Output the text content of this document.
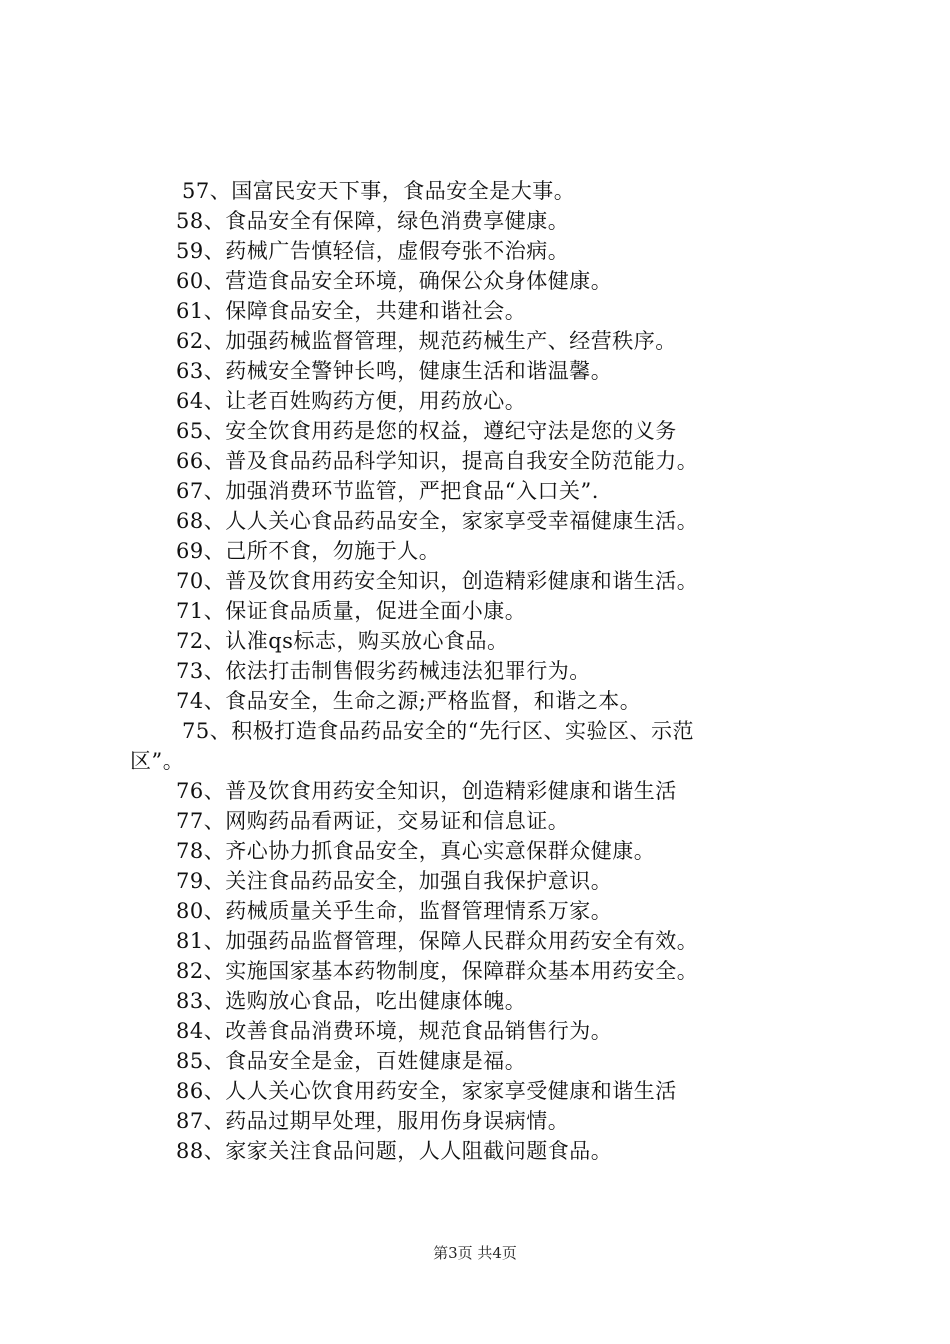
57、国富民安天下事，食品安全是大事。
58、食品安全有保障，绿色消费享健康。
59、药械广告慎轻信，虚假夸张不治病。
60、营造食品安全环境，确保公众身体健康。
61、保障食品安全，共建和谐社会。
62、加强药械监督管理，规范药械生产、经营秩序。
63、药械安全警钟长鸣，健康生活和谐温馨。
64、让老百姓购药方便，用药放心。
65、安全饮食用药是您的权益，遵纪守法是您的义务
66、普及食品药品科学知识，提高自我安全防范能力。
67、加强消费环节监管，严把食品“入口关”.
68、人人关心食品药品安全，家家享受幸福健康生活。
69、己所不食，勿施于人。
70、普及饮食用药安全知识，创造精彩健康和谐生活。
71、保证食品质量，促进全面小康。
72、认准qs标志，购买放心食品。
73、依法打击制售假劣药械违法犯罪行为。
74、食品安全，生命之源;严格监督，和谐之本。
75、积极打造食品药品安全的“先行区、实验区、示范
区”。
76、普及饮食用药安全知识，创造精彩健康和谐生活
77、网购药品看两证，交易证和信息证。
78、齐心协力抓食品安全，真心实意保群众健康。
79、关注食品药品安全，加强自我保护意识。
80、药械质量关乎生命，监督管理情系万家。
81、加强药品监督管理，保障人民群众用药安全有效。
82、实施国家基本药物制度，保障群众基本用药安全。
83、选购放心食品，吃出健康体魄。
84、改善食品消费环境，规范食品销售行为。
85、食品安全是金，百姓健康是福。
86、人人关心饮食用药安全，家家享受健康和谐生活
87、药品过期早处理，服用伤身误病情。
88、家家关注食品问题，人人阻截问题食品。
第3页 共4页
